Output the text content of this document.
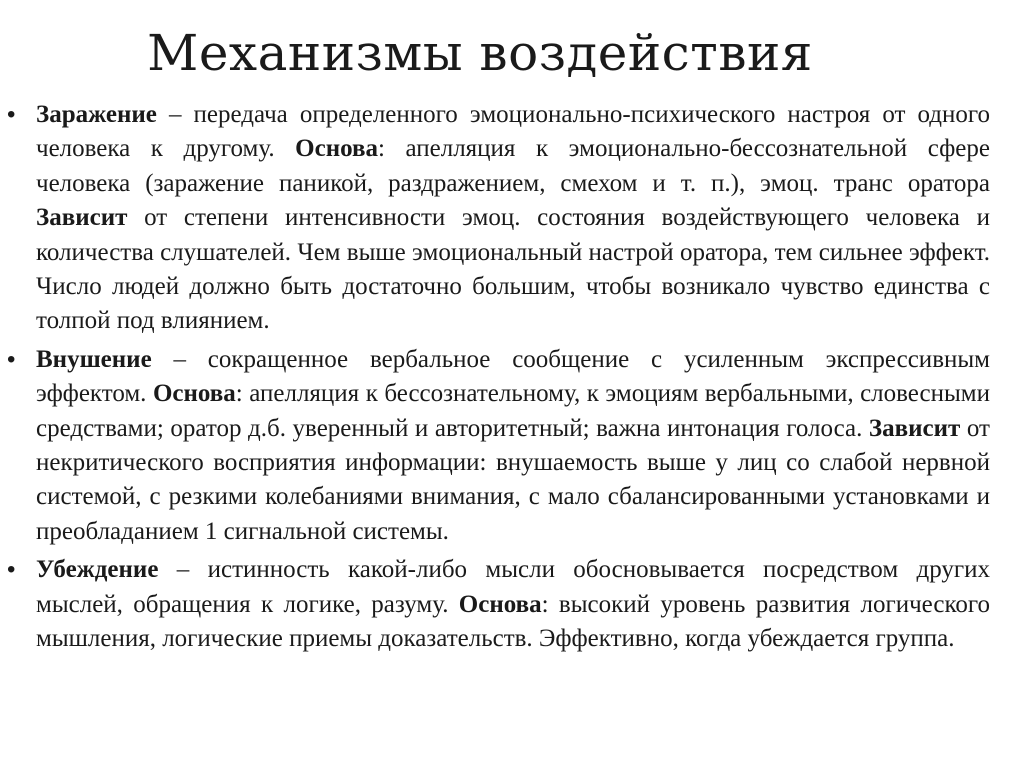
Механизмы воздействия
• Заражение – передача определенного эмоционально-психического настроя от одного человека к другому. Основа: апелляция к эмоционально-бессознательной сфере человека (заражение паникой, раздражением, смехом и т. п.), эмоц. транс оратора Зависит от степени интенсивности эмоц. состояния воздействующего человека и количества слушателей. Чем выше эмоциональный настрой оратора, тем сильнее эффект. Число людей должно быть достаточно большим, чтобы возникало чувство единства с толпой под влиянием.
• Внушение – сокращенное вербальное сообщение с усиленным экспрессивным эффектом. Основа: апелляция к бессознательному, к эмоциям вербальными, словесными средствами; оратор д.б. уверенный и авторитетный; важна интонация голоса. Зависит от некритического восприятия информации: внушаемость выше у лиц со слабой нервной системой, с резкими колебаниями внимания, с мало сбалансированными установками и преобладанием 1 сигнальной системы.
• Убеждение – истинность какой-либо мысли обосновывается посредством других мыслей, обращения к логике, разуму. Основа: высокий уровень развития логического мышления, логические приемы доказательств. Эффективно, когда убеждается группа.
